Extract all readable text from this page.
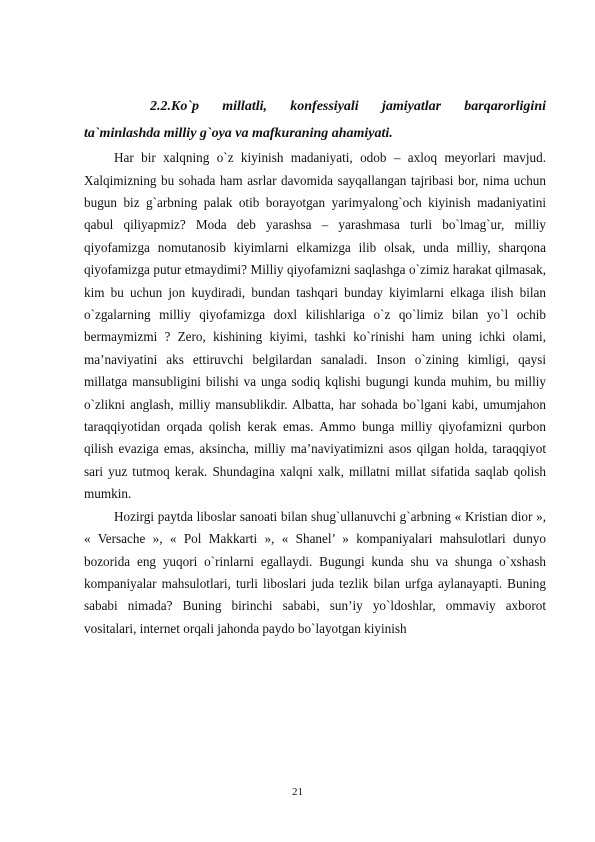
2.2.Ko`p millatli, konfessiyali jamiyatlar barqarorligini ta`minlashda milliy g`oya va mafkuraning ahamiyati.

Har bir xalqning o`z kiyinish madaniyati, odob – axloq meyorlari mavjud. Xalqimizning bu sohada ham asrlar davomida sayqallangan tajribasi bor, nima uchun bugun biz g`arbning palak otib borayotgan yarimyalong`och kiyinish madaniyatini qabul qiliyapmiz? Moda deb yarashsa – yarashmasa turli bo`lmag`ur, milliy qiyofamizga nomutanosib kiyimlarni elkamizga ilib olsak, unda milliy, sharqona qiyofamizga putur etmaydimi? Milliy qiyofamizni saqlashga o`zimiz harakat qilmasak, kim bu uchun jon kuydiradi, bundan tashqari bunday kiyimlarni elkaga ilish bilan o`zgalarning milliy qiyofamizga doxl kilishlariga o`z qo`limiz bilan yo`l ochib bermaymizmi ? Zero, kishining kiyimi, tashki ko`rinishi ham uning ichki olami, ma’naviyatini aks ettiruvchi belgilardan sanaladi. Inson o`zining kimligi, qaysi millatga mansubligini bilishi va unga sodiq kqlishi bugungi kunda muhim, bu milliy o`zlikni anglash, milliy mansublikdir. Albatta, har sohada bo`lgani kabi, umumjahon taraqqiyotidan orqada qolish kerak emas. Ammo bunga milliy qiyofamizni qurbon qilish evaziga emas, aksincha, milliy ma’naviyatimizni asos qilgan holda, taraqqiyot sari yuz tutmoq kerak. Shundagina xalqni xalk, millatni millat sifatida saqlab qolish mumkin.

Hozirgi paytda liboslar sanoati bilan shug`ullanuvchi g`arbning « Kristian dior », « Versache », « Pol Makkarti », « Shanel’ » kompaniyalari mahsulotlari dunyo bozorida eng yuqori o`rinlarni egallaydi. Bugungi kunda shu va shunga o`xshash kompaniyalar mahsulotlari, turli liboslari juda tezlik bilan urfga aylanayapti. Buning sababi nimada? Buning birinchi sababi, sun’iy yo`ldoshlar, ommaviy axborot vositalari, internet orqali jahonda paydo bo`layotgan kiyinish

21
